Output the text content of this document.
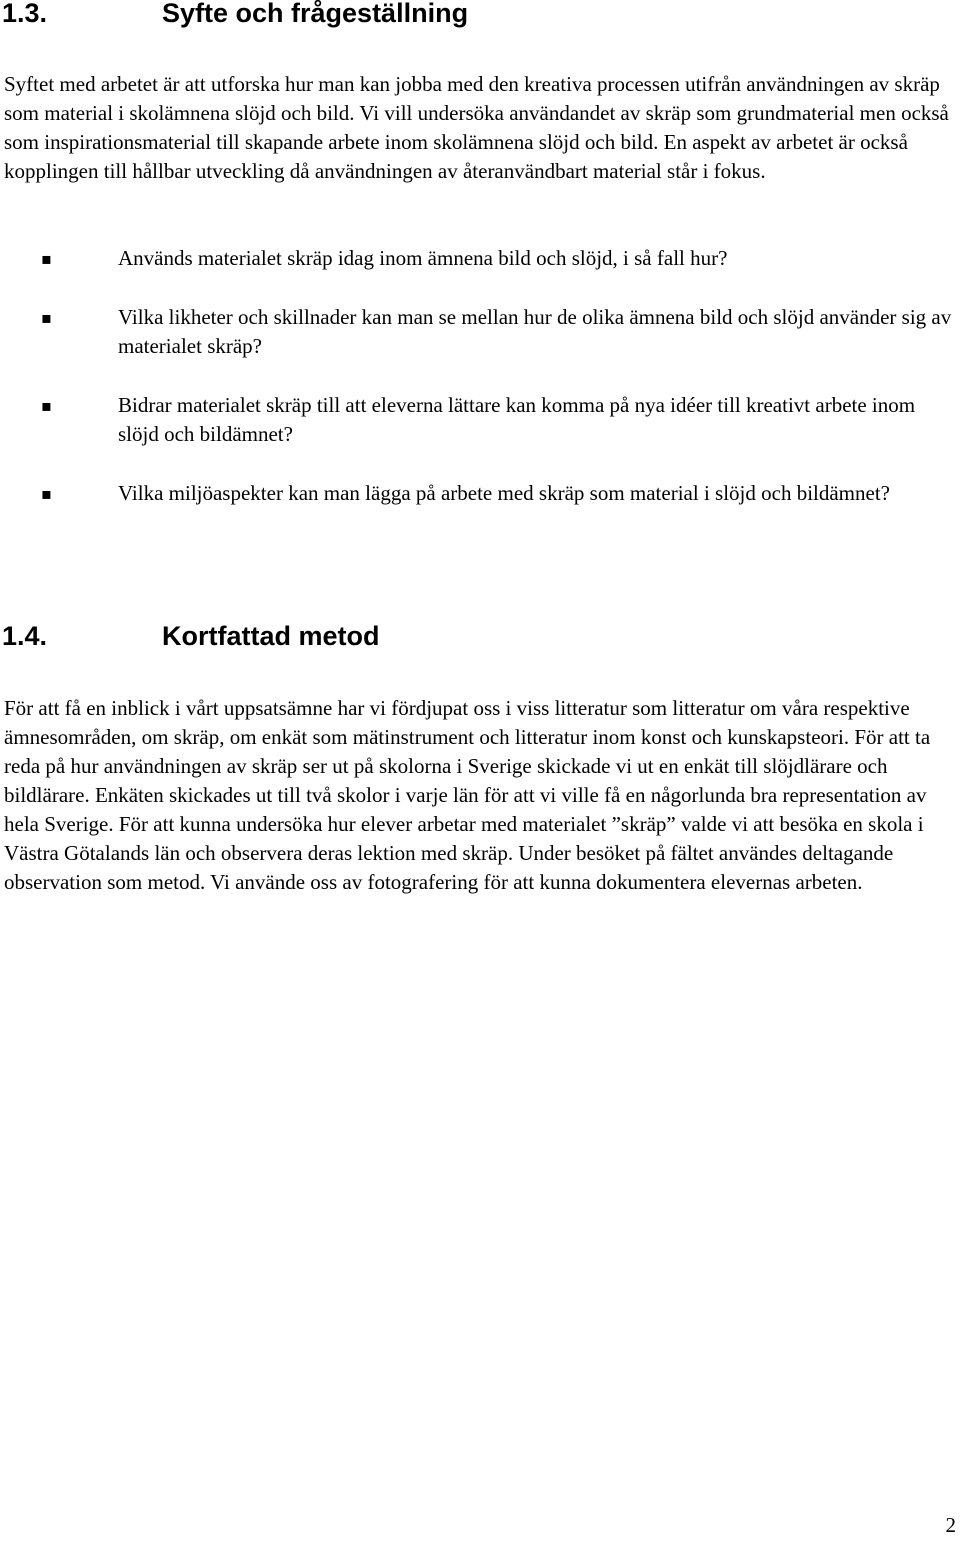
1.3.	Syfte och frågeställning

Syftet med arbetet är att utforska hur man kan jobba med den kreativa processen utifrån användningen av skräp som material i skolämnena slöjd och bild. Vi vill undersöka användandet av skräp som grundmaterial men också som inspirationsmaterial till skapande arbete inom skolämnena slöjd och bild. En aspekt av arbetet är också kopplingen till hållbar utveckling då användningen av återanvändbart material står i fokus.

▪	Används materialet skräp idag inom ämnena bild och slöjd, i så fall hur?
▪	Vilka likheter och skillnader kan man se mellan hur de olika ämnena bild och slöjd använder sig av materialet skräp?
▪	Bidrar materialet skräp till att eleverna lättare kan komma på nya idéer till kreativt arbete inom slöjd och bildämnet?
▪	Vilka miljöaspekter kan man lägga på arbete med skräp som material i slöjd och bildämnet?
1.4.	Kortfattad metod

För att få en inblick i vårt uppsatsämne har vi fördjupat oss i viss litteratur som litteratur om våra respektive ämnesområden, om skräp, om enkät som mätinstrument och litteratur inom konst och kunskapsteori. För att ta reda på hur användningen av skräp ser ut på skolorna i Sverige skickade vi ut en enkät till slöjdlärare och bildlärare. Enkäten skickades ut till två skolor i varje län för att vi ville få en någorlunda bra representation av hela Sverige. För att kunna undersöka hur elever arbetar med materialet ”skräp” valde vi att besöka en skola i Västra Götalands län och observera deras lektion med skräp. Under besöket på fältet användes deltagande observation som metod. Vi använde oss av fotografering för att kunna dokumentera elevernas arbeten.

2
